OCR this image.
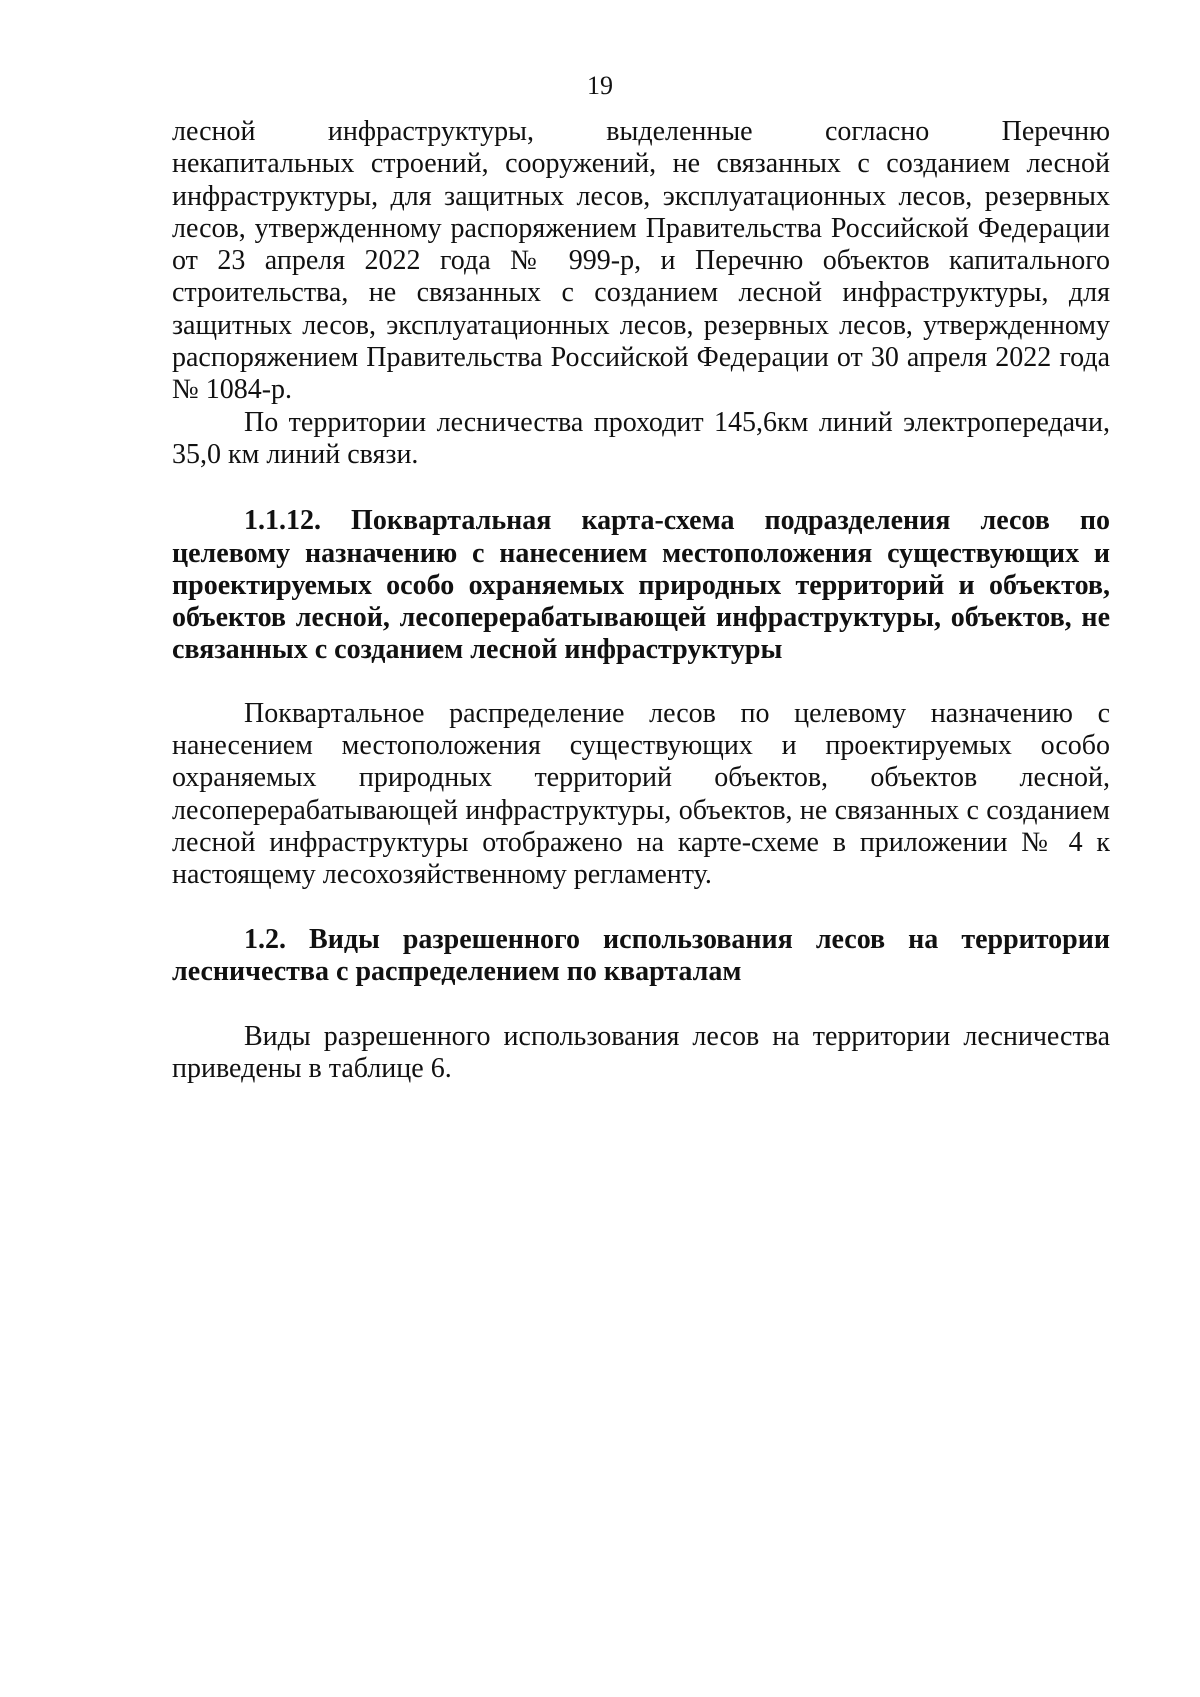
19

лесной инфраструктуры, выделенные согласно Перечню
некапитальных строений, сооружений, не связанных с созданием лесной
инфраструктуры, для защитных лесов, эксплуатационных лесов, резервных
лесов, утвержденному распоряжением Правительства Российской Федерации
от 23 апреля 2022 года № 999-р, и Перечню объектов капитального
строительства, не связанных с созданием лесной инфраструктуры, для
защитных лесов, эксплуатационных лесов, резервных лесов, утвержденному
распоряжением Правительства Российской Федерации от 30 апреля 2022 года
№ 1084-р.

По территории лесничества проходит 145,6км линий электропередачи,
35,0 км линий связи.

1.1.12. Поквартальная карта-схема подразделения лесов по
целевому назначению с нанесением местоположения существующих и
проектируемых особо охраняемых природных территорий и объектов,
объектов лесной, лесоперерабатывающей инфраструктуры, объектов, не
связанных с созданием лесной инфраструктуры

Поквартальное распределение лесов по целевому назначению с
нанесением местоположения существующих и проектируемых особо
охраняемых природных территорий объектов, объектов лесной,
лесоперерабатывающей инфраструктуры, объектов, не связанных с созданием
лесной инфраструктуры отображено на карте-схеме в приложении № 4 к
настоящему лесохозяйственному регламенту.

1.2. Виды разрешенного использования лесов на территории
лесничества с распределением по кварталам

Виды разрешенного использования лесов на территории лесничества
приведены в таблице 6.
